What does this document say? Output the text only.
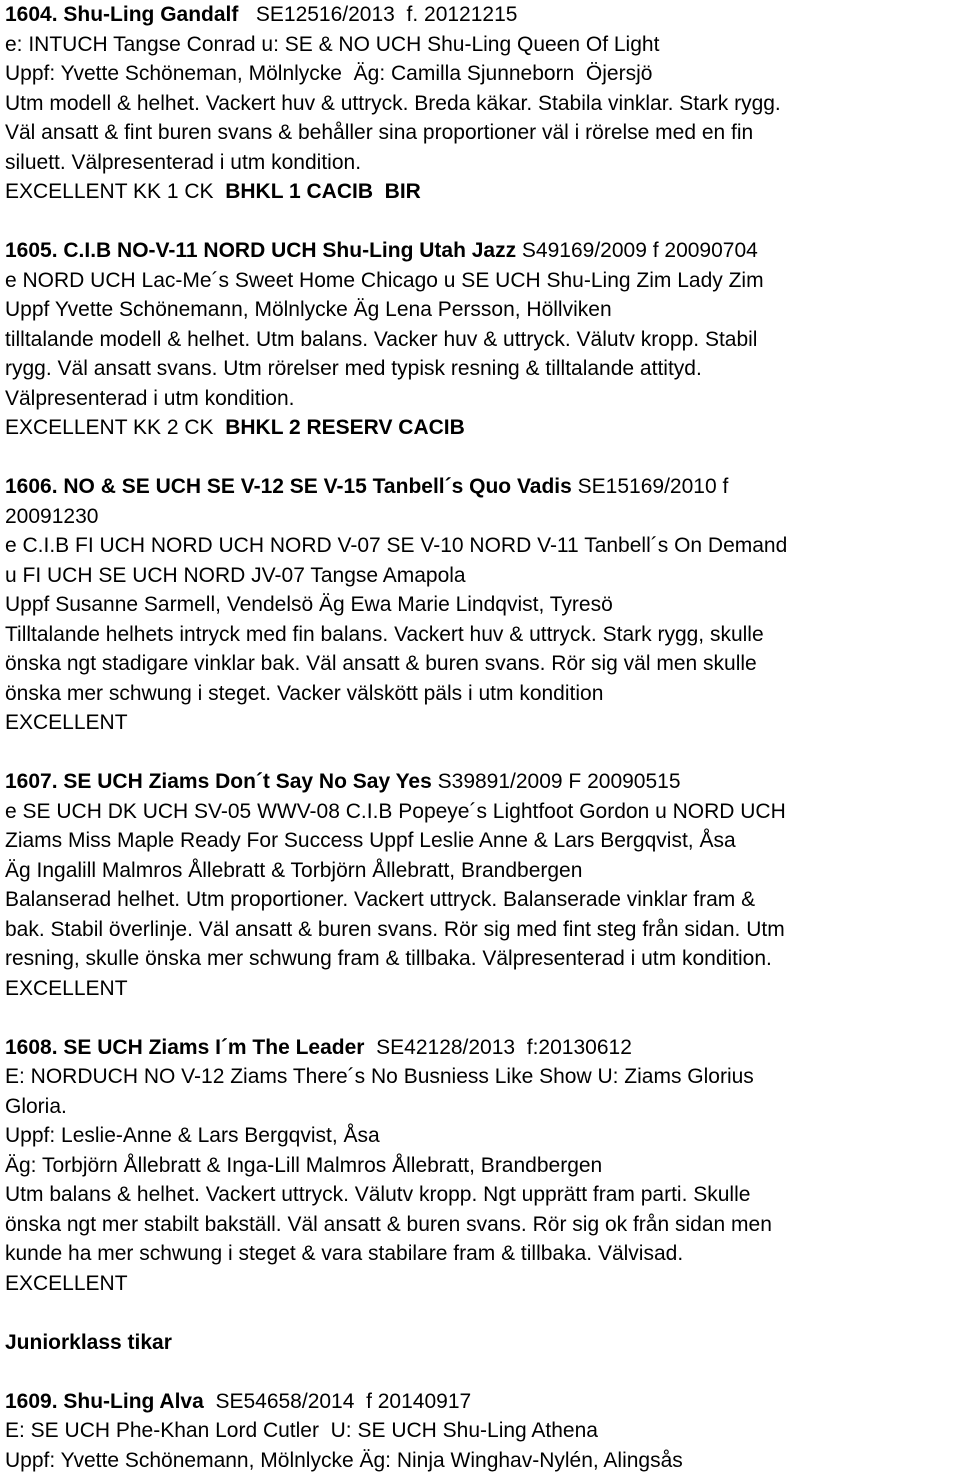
1604. Shu-Ling Gandalf   SE12516/2013  f. 20121215
e: INTUCH Tangse Conrad u: SE & NO UCH Shu-Ling Queen Of Light
Uppf: Yvette Schöneman, Mölnlycke  Äg: Camilla Sjunneborn  Öjersjö
Utm modell & helhet. Vackert huv & uttryck. Breda käkar. Stabila vinklar. Stark rygg.
Väl ansatt & fint buren svans & behåller sina proportioner väl i rörelse med en fin
siluett. Välpresenterad i utm kondition.
EXCELLENT KK 1 CK  BHKL 1 CACIB  BIR
1605. C.I.B NO-V-11 NORD UCH Shu-Ling Utah Jazz S49169/2009 f 20090704
e NORD UCH Lac-Me´s Sweet Home Chicago u SE UCH Shu-Ling Zim Lady Zim
Uppf Yvette Schönemann, Mölnlycke Äg Lena Persson, Höllviken
tilltalande modell & helhet. Utm balans. Vacker huv & uttryck. Välutv kropp. Stabil
rygg. Väl ansatt svans. Utm rörelser med typisk resning & tilltalande attityd.
Välpresenterad i utm kondition.
EXCELLENT KK 2 CK  BHKL 2 RESERV CACIB
1606. NO & SE UCH SE V-12 SE V-15 Tanbell´s Quo Vadis SE15169/2010 f
20091230
e C.I.B FI UCH NORD UCH NORD V-07 SE V-10 NORD V-11 Tanbell´s On Demand
u FI UCH SE UCH NORD JV-07 Tangse Amapola
Uppf Susanne Sarmell, Vendelsö Äg Ewa Marie Lindqvist, Tyresö
Tilltalande helhets intryck med fin balans. Vackert huv & uttryck. Stark rygg, skulle
önska ngt stadigare vinklar bak. Väl ansatt & buren svans. Rör sig väl men skulle
önska mer schwung i steget. Vacker välskött päls i utm kondition
EXCELLENT
1607. SE UCH Ziams Don´t Say No Say Yes S39891/2009 F 20090515
e SE UCH DK UCH SV-05 WWV-08 C.I.B Popeye´s Lightfoot Gordon u NORD UCH
Ziams Miss Maple Ready For Success Uppf Leslie Anne & Lars Bergqvist, Åsa
Äg Ingalill Malmros Ållebratt & Torbjörn Ållebratt, Brandbergen
Balanserad helhet. Utm proportioner. Vackert uttryck. Balanserade vinklar fram &
bak. Stabil överlinje. Väl ansatt & buren svans. Rör sig med fint steg från sidan. Utm
resning, skulle önska mer schwung fram & tillbaka. Välpresenterad i utm kondition.
EXCELLENT
1608. SE UCH Ziams I´m The Leader  SE42128/2013  f:20130612
E: NORDUCH NO V-12 Ziams There´s No Busniess Like Show U: Ziams Glorius
Gloria.
Uppf: Leslie-Anne & Lars Bergqvist, Åsa
Äg: Torbjörn Ållebratt & Inga-Lill Malmros Ållebratt, Brandbergen
Utm balans & helhet. Vackert uttryck. Välutv kropp. Ngt upprätt fram parti. Skulle
önska ngt mer stabilt bakställ. Väl ansatt & buren svans. Rör sig ok från sidan men
kunde ha mer schwung i steget & vara stabilare fram & tillbaka. Välvisad.
EXCELLENT
Juniorklass tikar
1609. Shu-Ling Alva  SE54658/2014  f 20140917
E: SE UCH Phe-Khan Lord Cutler  U: SE UCH Shu-Ling Athena
Uppf: Yvette Schönemann, Mölnlycke Äg: Ninja Winghav-Nylén, Alingsås
